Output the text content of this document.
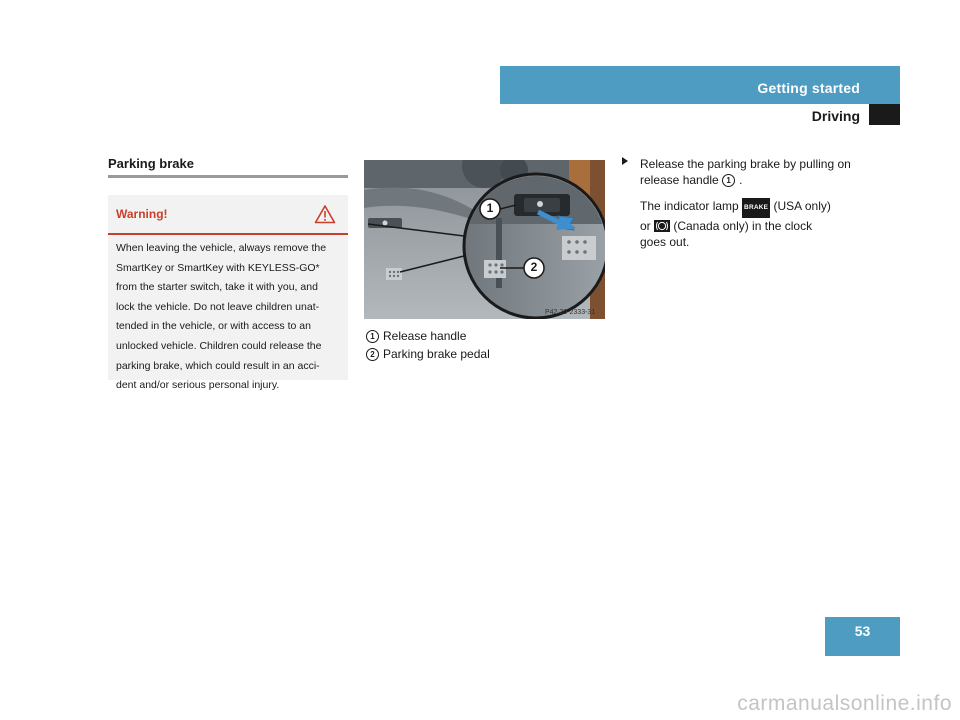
Getting started
Driving
Parking brake
Warning!
When leaving the vehicle, always remove the
SmartKey or SmartKey with KEYLESS-GO*
from the starter switch, take it with you, and
lock the vehicle. Do not leave children unat-
tended in the vehicle, or with access to an
unlocked vehicle. Children could release the
parking brake, which could result in an acci-
dent and/or serious personal injury.
1
2
P42.20-2333-31
1 Release handle
2 Parking brake pedal
Release the parking brake by pulling on
release handle 1 .
The indicator lamp BRAKE (USA only)
or
(Canada only) in the clock
goes out.
53
carmanualsonline.info
